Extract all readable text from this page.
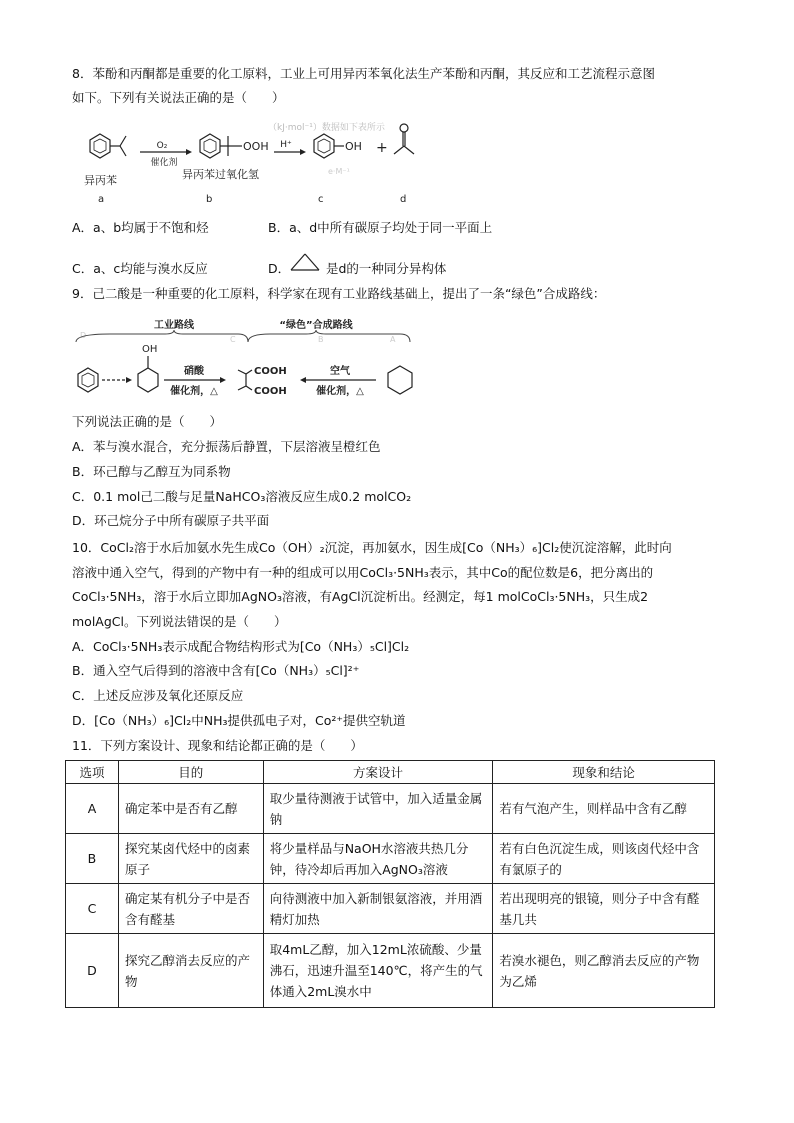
8．苯酚和丙酮都是重要的化工原料，工业上可用异丙苯氧化法生产苯酚和丙酮，其反应和工艺流程示意图
如下。下列有关说法正确的是（　　）
O₂
催化剂
OOH H⁺	OH +
（kJ·mol⁻¹）数据如下表所示
e·M⁻¹
异丙苯	异丙苯过氧化氢
a	b	c	d
A．a、b均属于不饱和烃	B．a、d中所有碳原子均处于同一平面上
C．a、c均能与溴水反应	D．	是d的一种同分异构体
9．己二酸是一种重要的化工原料，科学家在现有工业路线基础上，提出了一条“绿色”合成路线：
D	C	B	A
工业路线	“绿色”合成路线
OH
硝酸
催化剂，△
COOH
COOH
空气
催化剂，△
下列说法正确的是（　　）
A．苯与溴水混合，充分振荡后静置，下层溶液呈橙红色
B．环己醇与乙醇互为同系物
C．0.1 mol己二酸与足量NaHCO₃溶液反应生成0.2 molCO₂
D．环己烷分子中所有碳原子共平面
10．CoCl₂溶于水后加氨水先生成Co（OH）₂沉淀，再加氨水，因生成[Co（NH₃）₆]Cl₂使沉淀溶解，此时向
溶液中通入空气，得到的产物中有一种的组成可以用CoCl₃·5NH₃表示，其中Co的配位数是6，把分离出的
CoCl₃·5NH₃，溶于水后立即加AgNO₃溶液，有AgCl沉淀析出。经测定，每1 molCoCl₃·5NH₃，只生成2
molAgCl。下列说法错误的是（　　）
A．CoCl₃·5NH₃表示成配合物结构形式为[Co（NH₃）₅Cl]Cl₂
B．通入空气后得到的溶液中含有[Co（NH₃）₅Cl]²⁺
C．上述反应涉及氧化还原反应
D．[Co（NH₃）₆]Cl₂中NH₃提供孤电子对，Co²⁺提供空轨道
11．下列方案设计、现象和结论都正确的是（　　）
选项	目的	方案设计	现象和结论
A	确定苯中是否有乙醇	取少量待测液于试管中，加入适量金属钠	若有气泡产生，则样品中含有乙醇
B	探究某卤代烃中的卤素原子	将少量样品与NaOH水溶液共热几分钟，待冷却后再加入AgNO₃溶液	若有白色沉淀生成，则该卤代烃中含有氯原子的
C	确定某有机分子中是否含有醛基	向待测液中加入新制银氨溶液，并用酒精灯加热	若出现明亮的银镜，则分子中含有醛基几共
D	探究乙醇消去反应的产物	取4mL乙醇，加入12mL浓硫酸、少量沸石，迅速升温至140℃，将产生的气体通入2mL溴水中	若溴水褪色，则乙醇消去反应的产物为乙烯
